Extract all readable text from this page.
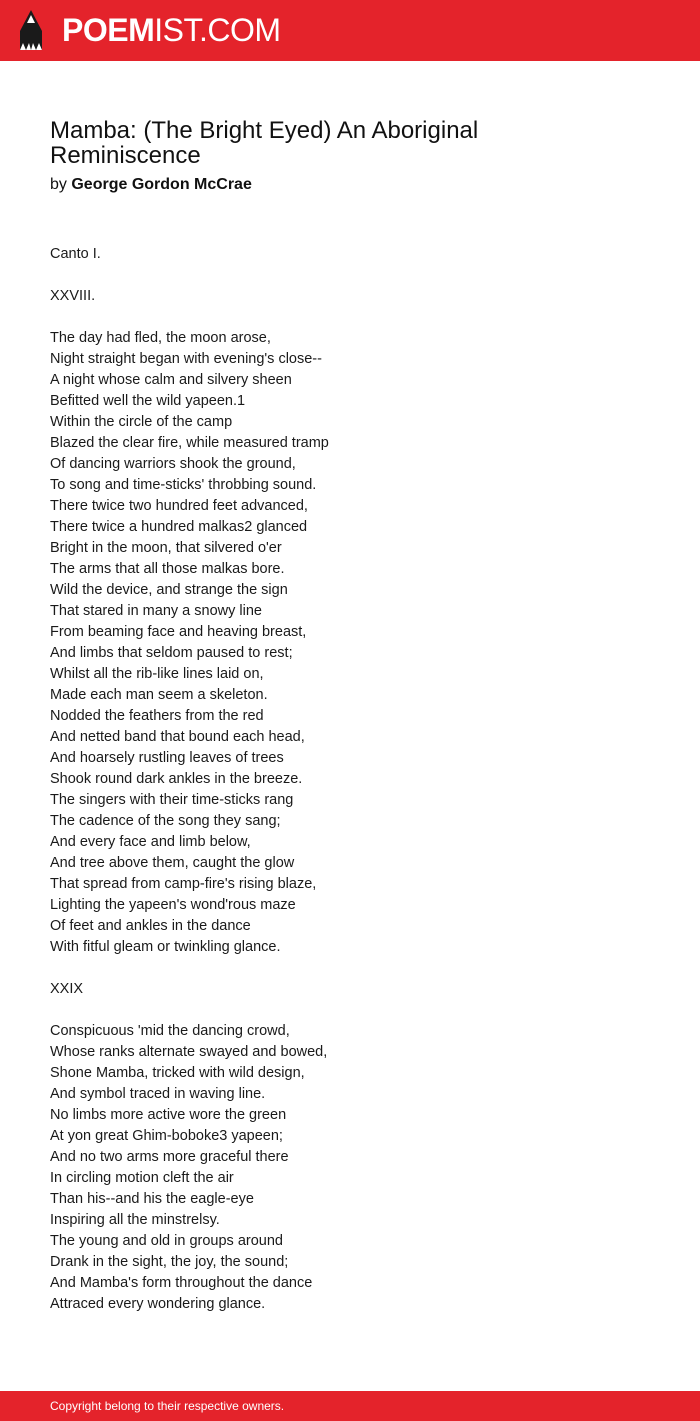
POEMIST.COM
Mamba: (The Bright Eyed) An Aboriginal Reminiscence
by George Gordon McCrae
Canto I.
XXVIII.
The day had fled, the moon arose,
Night straight began with evening's close--
A night whose calm and silvery sheen
Befitted well the wild yapeen.1
Within the circle of the camp
Blazed the clear fire, while measured tramp
Of dancing warriors shook the ground,
To song and time-sticks' throbbing sound.
There twice two hundred feet advanced,
There twice a hundred malkas2 glanced
Bright in the moon, that silvered o'er
The arms that all those malkas bore.
Wild the device, and strange the sign
That stared in many a snowy line
From beaming face and heaving breast,
And limbs that seldom paused to rest;
Whilst all the rib-like lines laid on,
Made each man seem a skeleton.
Nodded the feathers from the red
And netted band that bound each head,
And hoarsely rustling leaves of trees
Shook round dark ankles in the breeze.
The singers with their time-sticks rang
The cadence of the song they sang;
And every face and limb below,
And tree above them, caught the glow
That spread from camp-fire's rising blaze,
Lighting the yapeen's wond'rous maze
Of feet and ankles in the dance
With fitful gleam or twinkling glance.
XXIX
Conspicuous 'mid the dancing crowd,
Whose ranks alternate swayed and bowed,
Shone Mamba, tricked with wild design,
And symbol traced in waving line.
No limbs more active wore the green
At yon great Ghim-boboke3 yapeen;
And no two arms more graceful there
In circling motion cleft the air
Than his--and his the eagle-eye
Inspiring all the minstrelsy.
The young and old in groups around
Drank in the sight, the joy, the sound;
And Mamba's form throughout the dance
Attraced every wondering glance.
Copyright belong to their respective owners.
